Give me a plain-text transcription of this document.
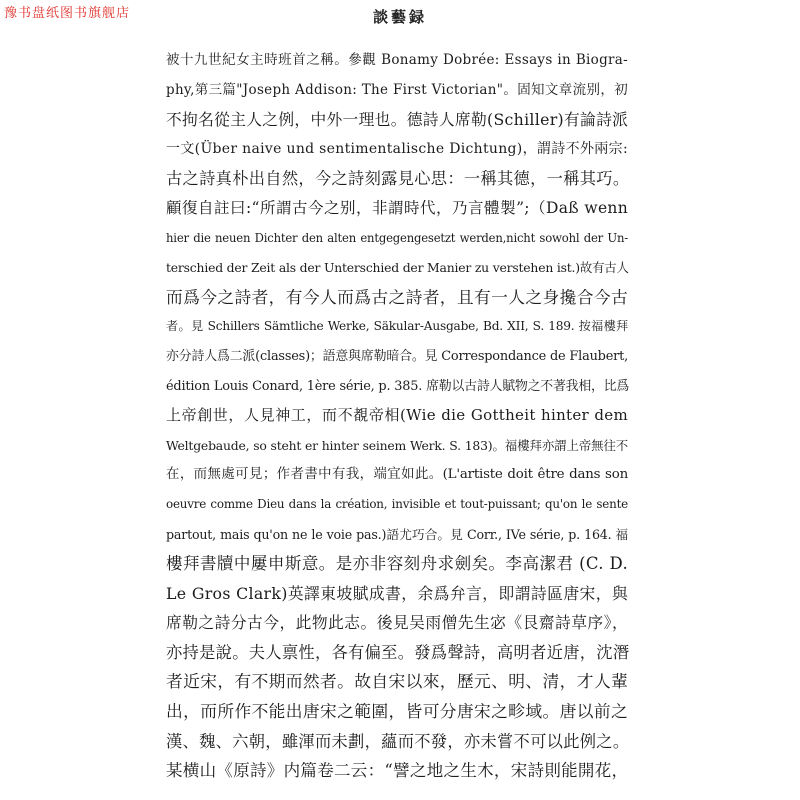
豫书盘纸图书旗舰店	談藝録
被十九世紀女主時班首之稱。參觀 Bonamy Dobrée: Essays in Biogra-
phy,第三篇"Joseph Addison: The First Victorian"。固知文章流别，初
不拘名從主人之例，中外一理也。德詩人席勒(Schiller)有論詩派
一文(Über naive und sentimentalische Dichtung)，謂詩不外兩宗:
古之詩真朴出自然，今之詩刻露見心思：一稱其德，一稱其巧。
顧復自註曰:“所謂古今之别，非謂時代，乃言體製”;（Daß wenn
hier die neuen Dichter den alten entgegengesetzt werden,nicht sowohl der Un-
terschied der Zeit als der Unterschied der Manier zu verstehen ist.)故有古人
而爲今之詩者，有今人而爲古之詩者，且有一人之身攙合今古
者。見 Schillers Sämtliche Werke, Säkular-Ausgabe, Bd. XII, S. 189. 按福樓拜
亦分詩人爲二派(classes)；語意與席勒暗合。見 Correspondance de Flaubert,
édition Louis Conard, 1ère série, p. 385. 席勒以古詩人賦物之不著我相，比爲
上帝創世，人見神工，而不覩帝相(Wie die Gottheit hinter dem
Weltgebaude, so steht er hinter seinem Werk. S. 183)。福樓拜亦謂上帝無往不
在，而無處可見；作者書中有我，端宜如此。(L'artiste doit être dans son
oeuvre comme Dieu dans la création, invisible et tout-puissant; qu'on le sente
partout, mais qu'on ne le voie pas.)語尤巧合。見 Corr., IVe série, p. 164. 福
樓拜書牘中屢申斯意。是亦非容刻舟求劍矣。李高潔君 (C. D.
Le Gros Clark)英譯東坡賦成書，余爲弁言，即謂詩區唐宋，與
席勒之詩分古今，此物此志。後見吴雨僧先生宓《艮齋詩草序》，
亦持是說。夫人禀性，各有偏至。發爲聲詩，高明者近唐，沈潛
者近宋，有不期而然者。故自宋以來，歷元、明、清，才人輩
出，而所作不能出唐宋之範圍，皆可分唐宋之畛域。唐以前之
漢、魏、六朝，雖渾而未劃，蘊而不發，亦未嘗不可以此例之。
某横山《原詩》内篇卷二云：“譬之地之生木，宋詩則能開花，
